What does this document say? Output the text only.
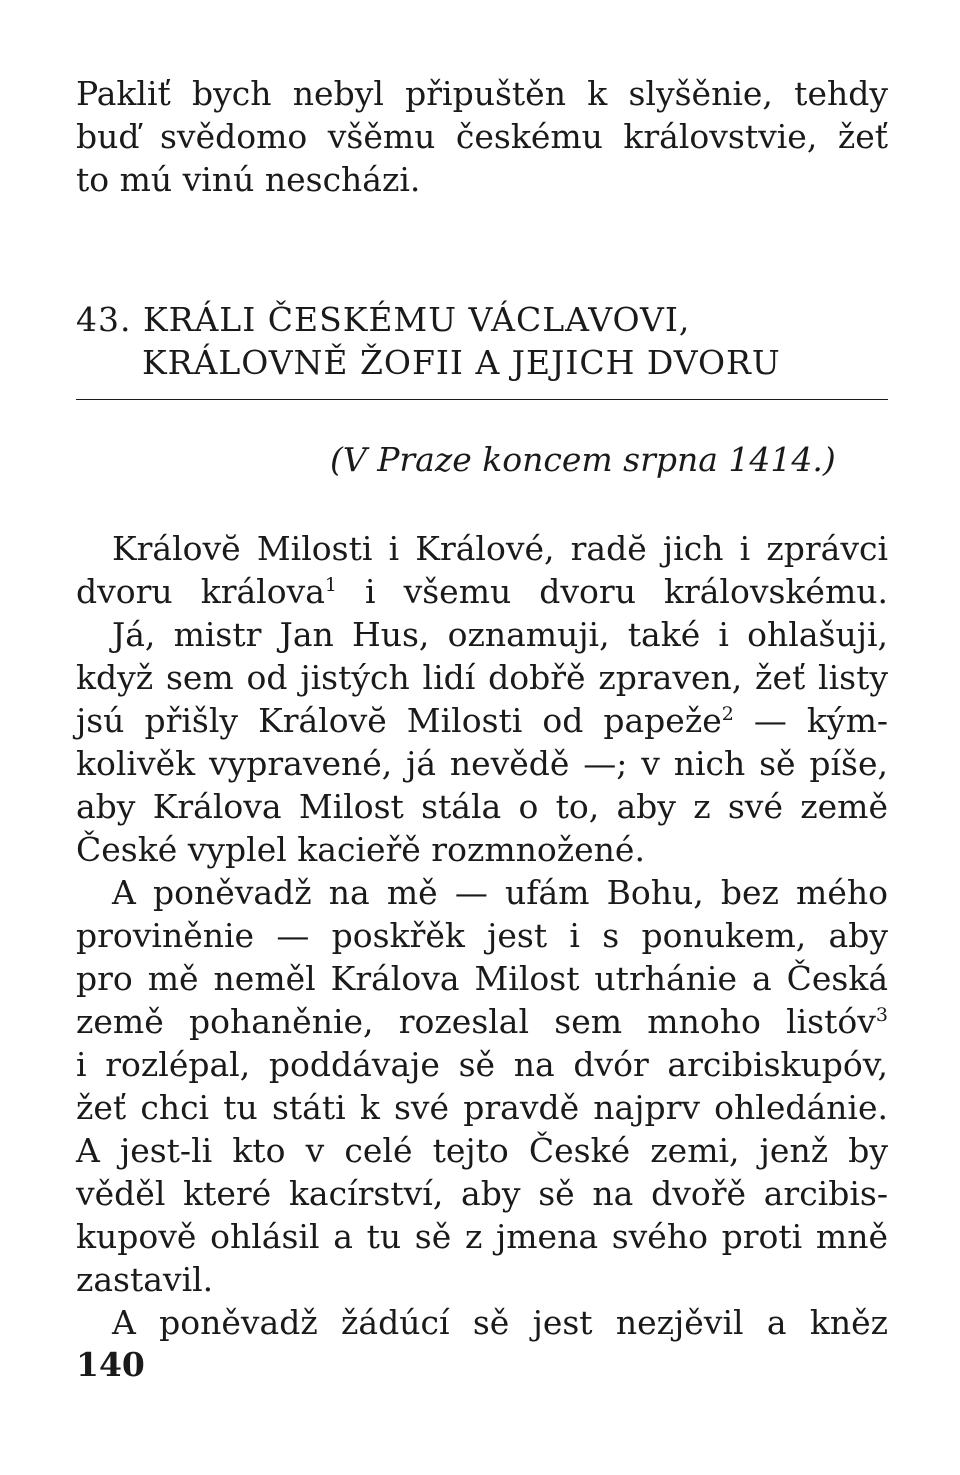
Pakliť bych nebyl připuštěn k slyšěnie, tehdy
buď svědomo všěmu českému královstvie, žeť
to mú vinú nescházi.
43. KRÁLI ČESKÉMU VÁCLAVOVI,
KRÁLOVNĚ ŽOFII A JEJICH DVORU
(V Praze koncem srpna 1414.)
Královĕ Milosti i Králové, radĕ jich i zprávci
dvoru králova$^1$ i všemu dvoru královskému.
Já, mistr Jan Hus, oznamuji, také i ohlašuji,
když sem od jistých lidí dobřě zpraven, žeť listy
jsú přišly Královĕ Milosti od papeže$^2$ — kým-
kolivěk vypravené, já nevědě —; v nich sě píše,
aby Králova Milost stála o to, aby z své země
České vyplel kacieřě rozmnožené.
A poněvadž na mě — ufám Bohu, bez mého
proviněnie — poskřěk jest i s ponukem, aby
pro mě neměl Králova Milost utrhánie a Česká
země pohaněnie, rozeslal sem mnoho listóv$^3$
i rozlépal, poddávaje sě na dvór arcibiskupóv,
žeť chci tu státi k své pravdě najprv ohledánie.
A jest-li kto v celé tejto České zemi, jenž by
věděl které kacírství, aby sě na dvořě arcibis-
kupově ohlásil a tu sě z jmena svého proti mně
zastavil.
A poněvadž žádúcí sě jest nezjěvil a kněz
140
